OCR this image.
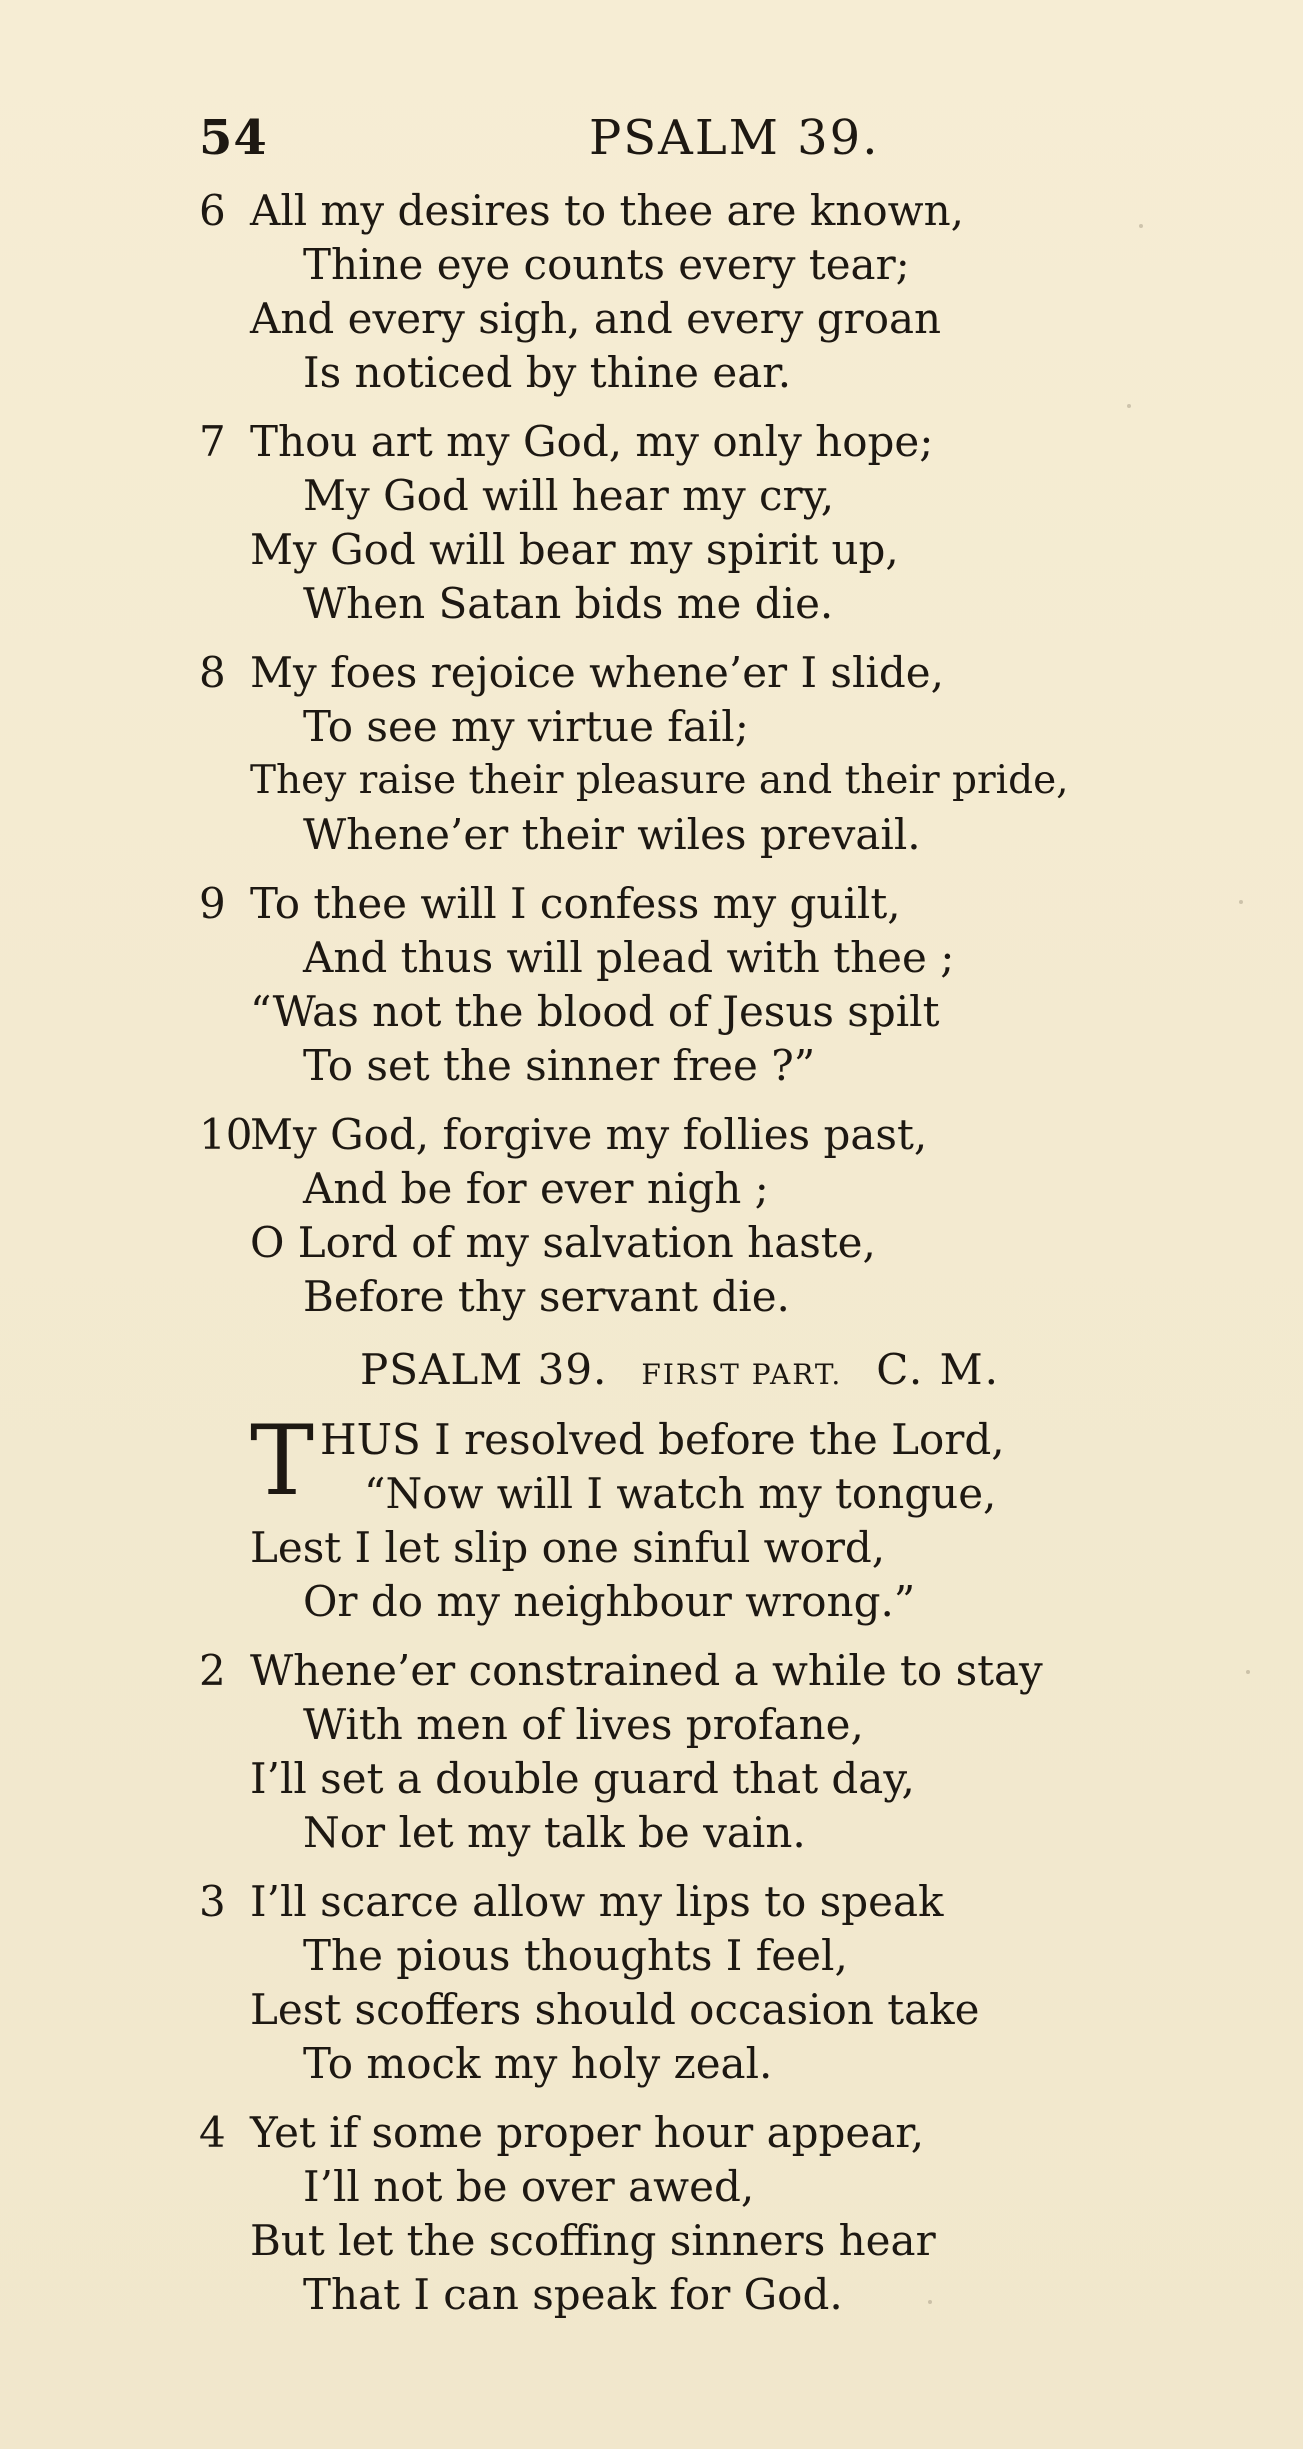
54	PSALM 39.
6 All my desires to thee are known,
Thine eye counts every tear;
And every sigh, and every groan
Is noticed by thine ear.
7 Thou art my God, my only hope;
My God will hear my cry,
My God will bear my spirit up,
When Satan bids me die.
8 My foes rejoice whene’er I slide,
To see my virtue fail;
They raise their pleasure and their pride,
Whene’er their wiles prevail.
9 To thee will I confess my guilt,
And thus will plead with thee ;
“Was not the blood of Jesus spilt
To set the sinner free ?”
10
My God, forgive my follies past,
And be for ever nigh ;
O Lord of my salvation haste,
Before thy servant die.
PSALM 39. FIRST PART. C. M.
T HUS I resolved before the Lord,
“Now will I watch my tongue,
Lest I let slip one sinful word,
Or do my neighbour wrong.”
2 Whene’er constrained a while to stay
With men of lives profane,
I’ll set a double guard that day,
Nor let my talk be vain.
3 I’ll scarce allow my lips to speak
The pious thoughts I feel,
Lest scoffers should occasion take
To mock my holy zeal.
4 Yet if some proper hour appear,
I’ll not be over awed,
But let the scoffing sinners hear
That I can speak for God.
